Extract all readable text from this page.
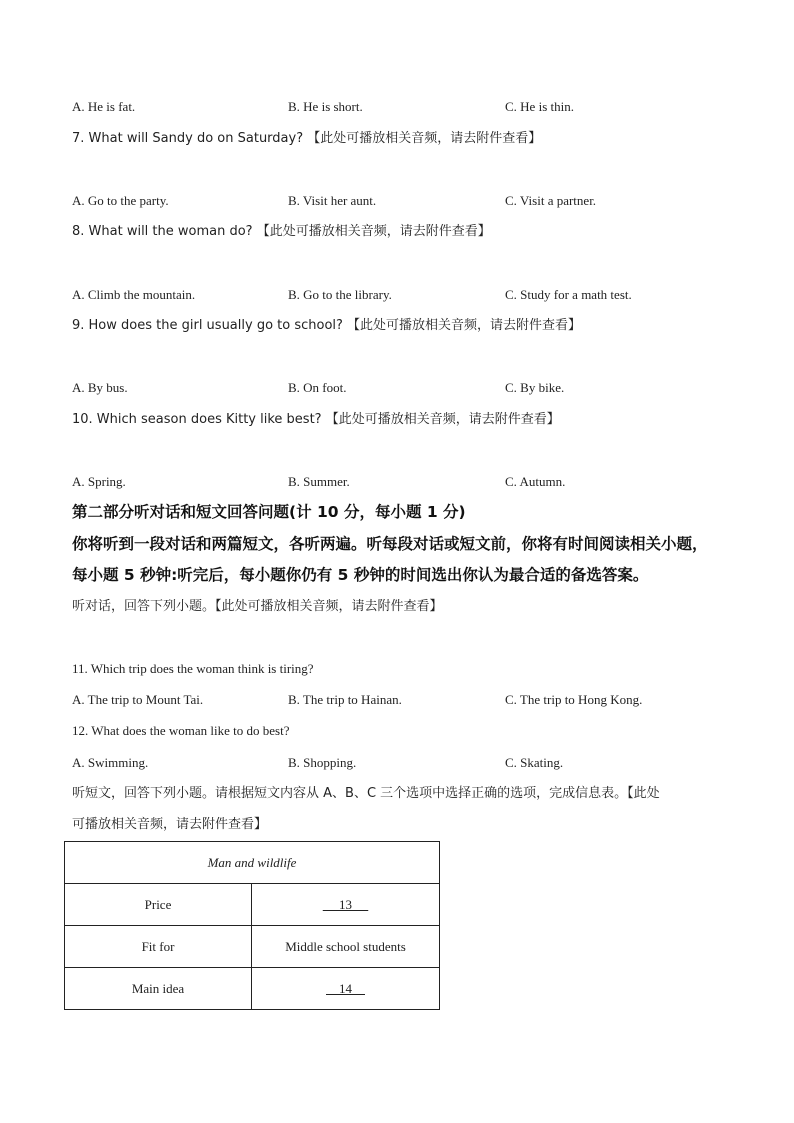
A. He is fat.	B. He is short.	C. He is thin.
7. What will Sandy do on Saturday? 【此处可播放相关音频，请去附件查看】
A. Go to the party.	B. Visit her aunt.	C. Visit a partner.
8. What will the woman do? 【此处可播放相关音频，请去附件查看】
A. Climb the mountain.	B. Go to the library.	C. Study for a math test.
9. How does the girl usually go to school? 【此处可播放相关音频，请去附件查看】
A. By bus.	B. On foot.	C. By bike.
10. Which season does Kitty like best? 【此处可播放相关音频，请去附件查看】
A. Spring.	B. Summer.	C. Autumn.
第二部分听对话和短文回答问题(计 10 分，每小题 1 分)
你将听到一段对话和两篇短文，各听两遍。听每段对话或短文前，你将有时间阅读相关小题，
每小题 5 秒钟:听完后，每小题你仍有 5 秒钟的时间选出你认为最合适的备选答案。
听对话，回答下列小题。【此处可播放相关音频，请去附件查看】
11. Which trip does the woman think is tiring?
A. The trip to Mount Tai.	B. The trip to Hainan.	C. The trip to Hong Kong.
12. What does the woman like to do best?
A. Swimming.	B. Shopping.	C. Skating.
听短文，回答下列小题。请根据短文内容从 A、B、C 三个选项中选择正确的选项，完成信息表。【此处
可播放相关音频，请去附件查看】
Man and wildlife	
Price	13
Fit for	Middle school students
Main idea	14
